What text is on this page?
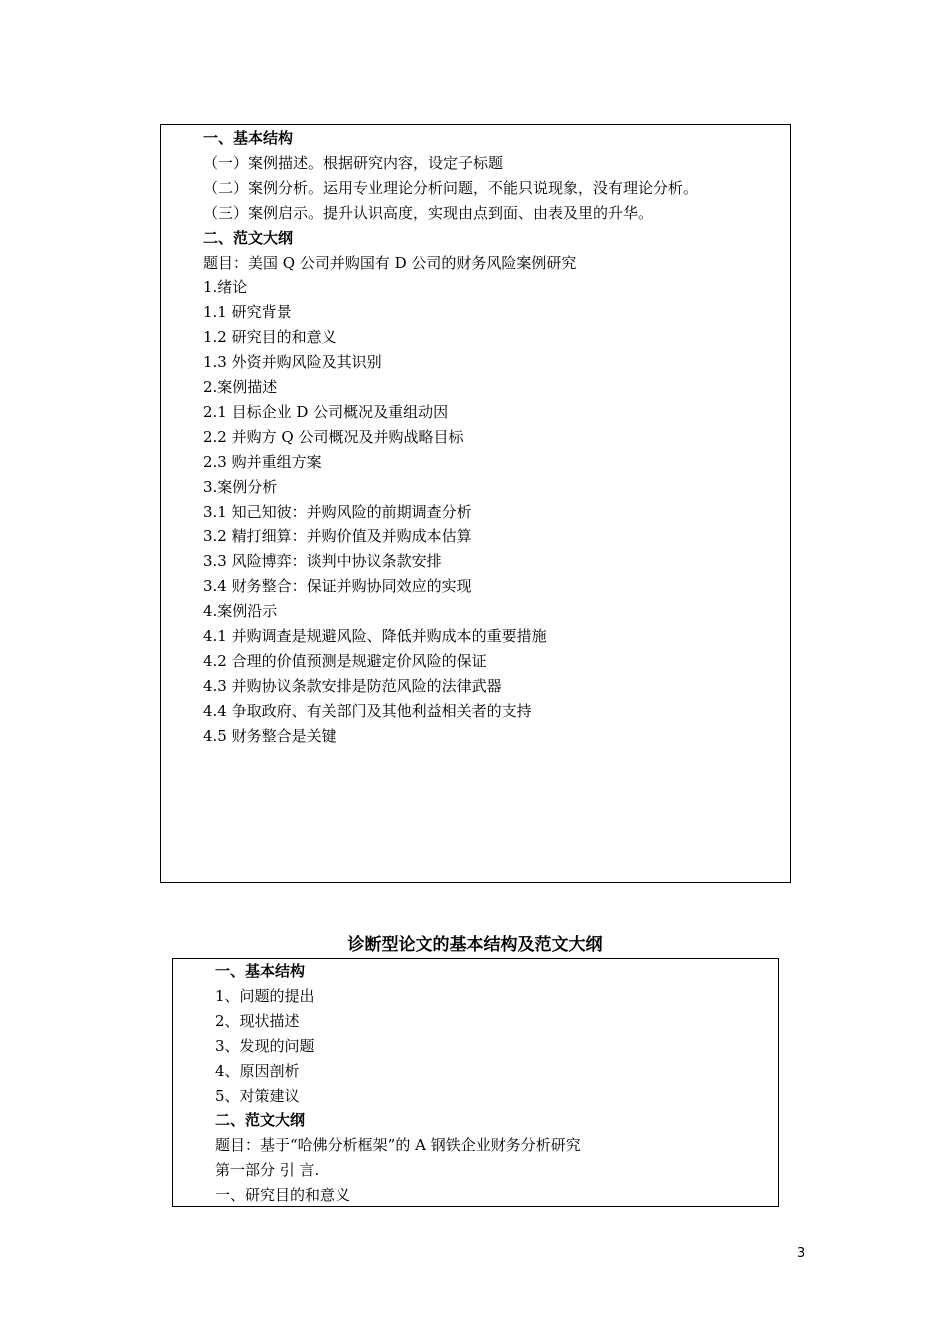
一、基本结构
（一）案例描述。根据研究内容，设定子标题
（二）案例分析。运用专业理论分析问题，不能只说现象，没有理论分析。
（三）案例启示。提升认识高度，实现由点到面、由表及里的升华。
二、范文大纲
题目：美国 Q 公司并购国有 D 公司的财务风险案例研究
1.绪论
1.1 研究背景
1.2 研究目的和意义
1.3 外资并购风险及其识别
2.案例描述
2.1 目标企业 D 公司概况及重组动因
2.2 并购方 Q 公司概况及并购战略目标
2.3 购并重组方案
3.案例分析
3.1 知己知彼：并购风险的前期调查分析
3.2 精打细算：并购价值及并购成本估算
3.3 风险博弈：谈判中协议条款安排
3.4 财务整合：保证并购协同效应的实现
4.案例沿示
4.1 并购调查是规避风险、降低并购成本的重要措施
4.2 合理的价值预测是规避定价风险的保证
4.3 并购协议条款安排是防范风险的法律武器
4.4 争取政府、有关部门及其他利益相关者的支持
4.5 财务整合是关键
诊断型论文的基本结构及范文大纲
一、基本结构
1、问题的提出
2、现状描述
3、发现的问题
4、原因剖析
5、对策建议
二、范文大纲
题目：基于“哈佛分析框架”的 A 钢铁企业财务分析研究
第一部分 引 言.
一、研究目的和意义
3
